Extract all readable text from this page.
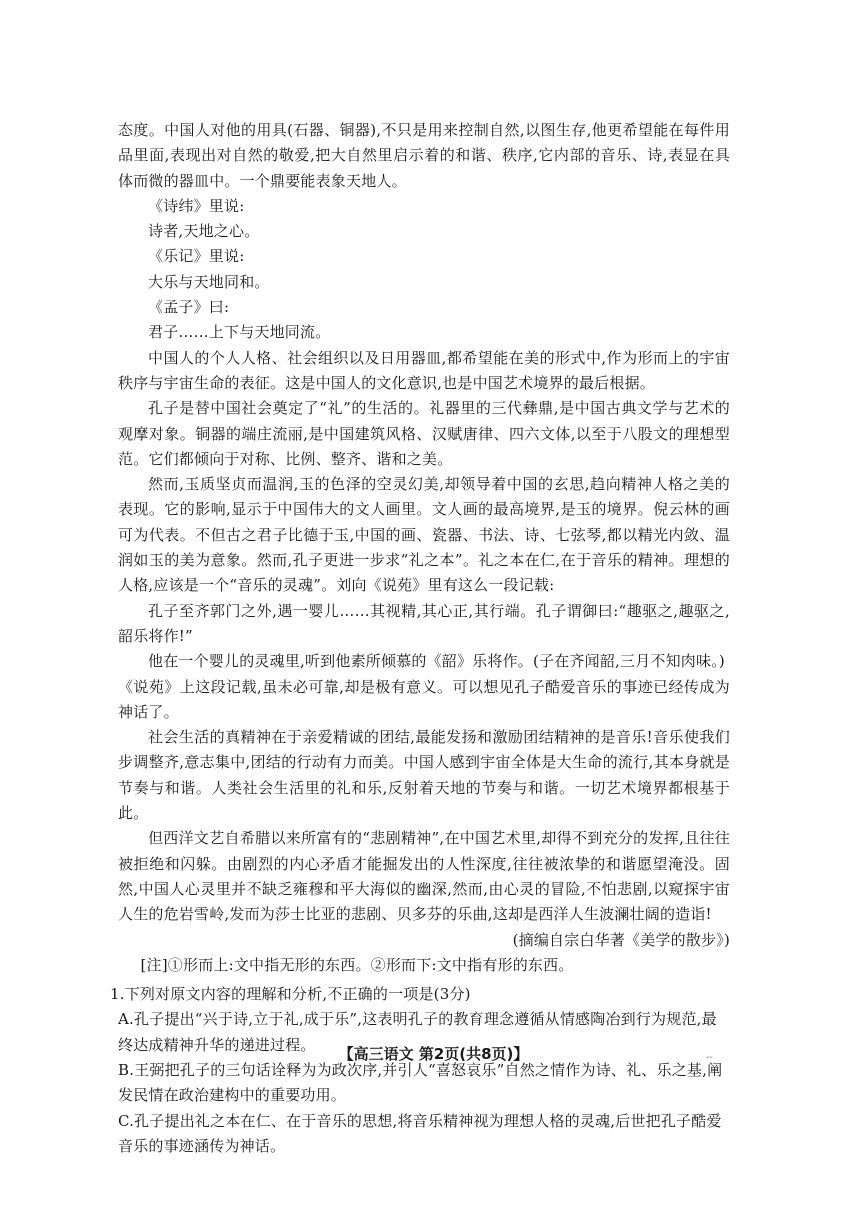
态度。中国人对他的用具(石器、铜器),不只是用来控制自然,以图生存,他更希望能在每件用品里面,表现出对自然的敬爱,把大自然里启示着的和谐、秩序,它内部的音乐、诗,表显在具体而微的器皿中。一个鼎要能表象天地人。

《诗纬》里说:

诗者,天地之心。

《乐记》里说:

大乐与天地同和。

《孟子》曰:

君子……上下与天地同流。

中国人的个人人格、社会组织以及日用器皿,都希望能在美的形式中,作为形而上的宇宙秩序与宇宙生命的表征。这是中国人的文化意识,也是中国艺术境界的最后根据。

孔子是替中国社会奠定了“礼”的生活的。礼器里的三代彝鼎,是中国古典文学与艺术的观摩对象。铜器的端庄流丽,是中国建筑风格、汉赋唐律、四六文体,以至于八股文的理想型范。它们都倾向于对称、比例、整齐、谐和之美。

然而,玉质坚贞而温润,玉的色泽的空灵幻美,却领导着中国的玄思,趋向精神人格之美的表现。它的影响,显示于中国伟大的文人画里。文人画的最高境界,是玉的境界。倪云林的画可为代表。不但古之君子比德于玉,中国的画、瓷器、书法、诗、七弦琴,都以精光内敛、温润如玉的美为意象。然而,孔子更进一步求“礼之本”。礼之本在仁,在于音乐的精神。理想的人格,应该是一个“音乐的灵魂”。刘向《说苑》里有这么一段记载:

孔子至齐郭门之外,遇一婴儿……其视精,其心正,其行端。孔子谓御曰:“趣驱之,趣驱之,韶乐将作!”

他在一个婴儿的灵魂里,听到他素所倾慕的《韶》乐将作。(子在齐闻韶,三月不知肉味。)

《说苑》上这段记载,虽未必可靠,却是极有意义。可以想见孔子酷爱音乐的事迹已经传成为神话了。

社会生活的真精神在于亲爱精诚的团结,最能发扬和激励团结精神的是音乐!音乐使我们步调整齐,意志集中,团结的行动有力而美。中国人感到宇宙全体是大生命的流行,其本身就是节奏与和谐。人类社会生活里的礼和乐,反射着天地的节奏与和谐。一切艺术境界都根基于此。

但西洋文艺自希腊以来所富有的“悲剧精神”,在中国艺术里,却得不到充分的发挥,且往往被拒绝和闪躲。由剧烈的内心矛盾才能掘发出的人性深度,往往被浓挚的和谐愿望淹没。固然,中国人心灵里并不缺乏雍穆和平大海似的幽深,然而,由心灵的冒险,不怕悲剧,以窥探宇宙人生的危岩雪岭,发而为莎士比亚的悲剧、贝多芬的乐曲,这却是西洋人生波澜壮阔的造诣!

(摘编自宗白华著《美学的散步》)

[注]①形而上:文中指无形的东西。②形而下:文中指有形的东西。

1.下列对原文内容的理解和分析,不正确的一项是(3分)

A.孔子提出“兴于诗,立于礼,成于乐”,这表明孔子的教育理念遵循从情感陶冶到行为规范,最终达成精神升华的递进过程。

B.王弼把孔子的三句话诠释为为政次序,并引人“喜怒哀乐”自然之情作为诗、礼、乐之基,阐发民情在政治建构中的重要功用。

C.孔子提出礼之本在仁、在于音乐的思想,将音乐精神视为理想人格的灵魂,后世把孔子酷爱音乐的事迹涵传为神话。

【高三语文 第2页(共8页)】	--
